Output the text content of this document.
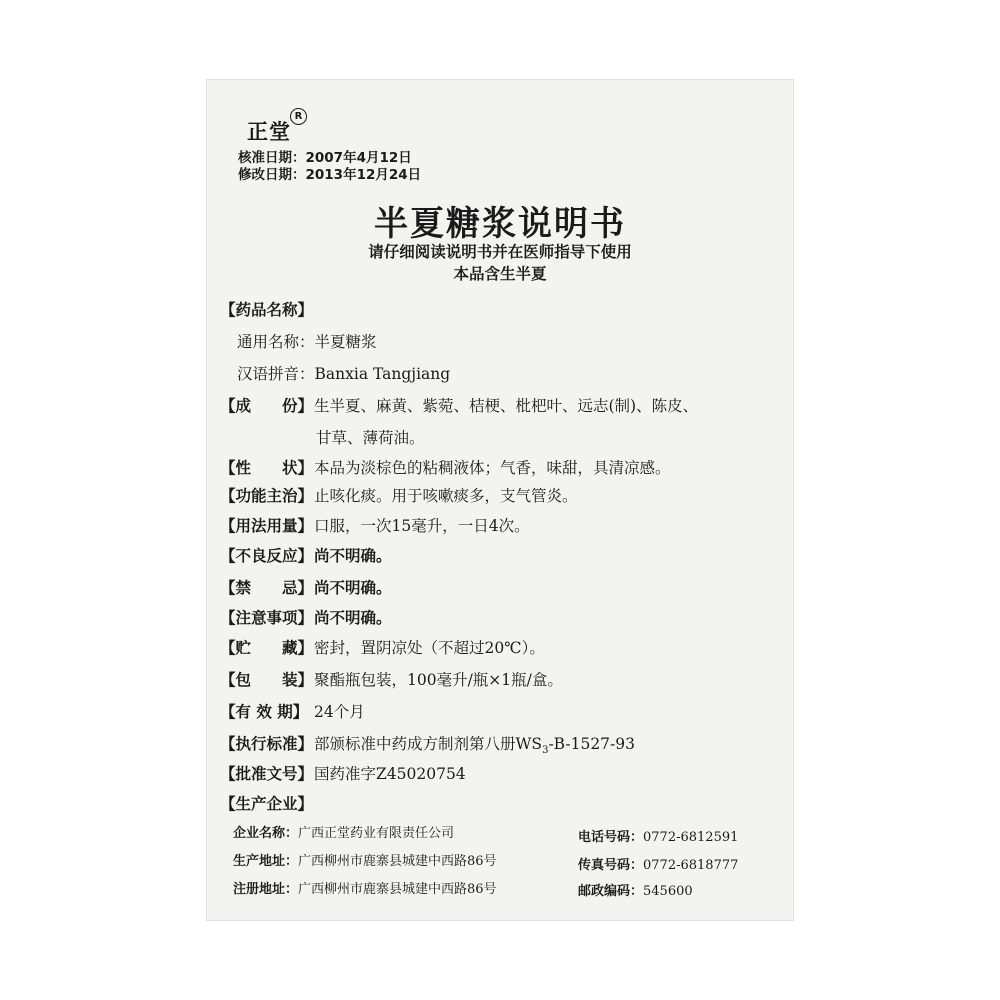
正堂
R
核准日期：2007年4月12日
修改日期：2013年12月24日
半夏糖浆说明书
请仔细阅读说明书并在医师指导下使用
本品含生半夏
【药品名称】
通用名称：半夏糖浆
汉语拼音：Banxia Tangjiang
【成　　份】生半夏、麻黄、紫菀、桔梗、枇杷叶、远志(制)、陈皮、
甘草、薄荷油。
【性　　状】本品为淡棕色的粘稠液体；气香，味甜，具清凉感。
【功能主治】止咳化痰。用于咳嗽痰多，支气管炎。
【用法用量】口服，一次15毫升，一日4次。
【不良反应】尚不明确。
【禁　　忌】尚不明确。
【注意事项】尚不明确。
【贮　　藏】密封，置阴凉处（不超过20℃）。
【包　　装】聚酯瓶包装，100毫升/瓶×1瓶/盒。
【有 效 期】 24个月
【执行标准】部颁标准中药成方制剂第八册$WS_3-B-1527-93$
【批准文号】国药准字Z45020754
【生产企业】
企业名称：广西正堂药业有限责任公司
生产地址：广西柳州市鹿寨县城建中西路86号
注册地址：广西柳州市鹿寨县城建中西路86号
电话号码：0772-6812591
传真号码：0772-6818777
邮政编码：545600
